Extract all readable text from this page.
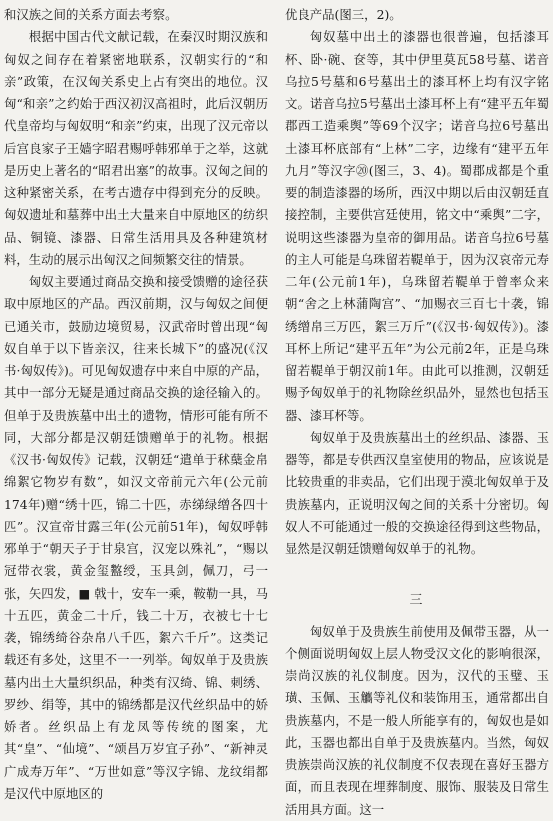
和汉族之间的关系方面去考察。

根据中国古代文献记载，在秦汉时期汉族和匈奴之间存在着紧密地联系，汉朝实行的“和亲”政策，在汉匈关系史上占有突出的地位。汉匈“和亲”之约始于西汉初汉高祖时，此后汉朝历代皇帝均与匈奴明“和亲”约束，出现了汉元帝以后宫良家子王嫱字昭君赐呼韩邪单于之举，这就是历史上著名的“昭君出塞”的故事。汉匈之间的这种紧密关系，在考古遗存中得到充分的反映。匈奴遗址和墓葬中出土大量来自中原地区的纺织品、铜镜、漆器、日常生活用具及各种建筑材料，生动的展示出匈汉之间频繁交往的情景。

匈奴主要通过商品交换和接受馈赠的途径获取中原地区的产品。西汉前期，汉与匈奴之间便已通关市，鼓励边境贸易，汉武帝时曾出现“匈奴自单于以下皆亲汉，往来长城下”的盛况(《汉书·匈奴传》)。可见匈奴遗存中来自中原的产品，其中一部分无疑是通过商品交换的途径输入的。但单于及贵族墓中出土的遗物，情形可能有所不同，大部分都是汉朝廷馈赠单于的礼物。根据《汉书·匈奴传》记载，汉朝廷“遣单于秫蘖金帛绵絮它物岁有数”，如汉文帝前元六年(公元前174年)赠“绣十匹，锦二十匹，赤绨绿缯各四十匹”。汉宣帝甘露三年(公元前51年)，匈奴呼韩邪单于“朝天子于甘泉宫，汉宠以殊礼”，“赐以冠带衣裳，黄金玺盭绶，玉具剑，佩刀，弓一张，矢四发，■ 戟十，安车一乘，鞍勒一具，马十五匹，黄金二十斤，钱二十万，衣被七十七袭，锦绣绮谷杂帛八千匹，絮六千斤”。这类记载还有多处，这里不一一列举。匈奴单于及贵族墓内出土大量织织品，种类有汉绮、锦、刺绣、罗纱、绢等，其中的锦绣都是汉代丝织品中的娇娇者。丝织品上有龙凤等传统的图案，尤其“皇”、“仙境”、“颂昌万岁宜子孙”、“新神灵广成寿万年”、“万世如意”等汉字锦、龙纹绢都是汉代中原地区的

优良产品(图三，2)。

匈奴墓中出土的漆器也很普遍，包括漆耳杯、卧·碗、奁等，其中伊里莫瓦58号墓、诺音乌拉5号墓和6号墓出土的漆耳杯上均有汉字铭文。诺音乌拉5号墓出土漆耳杯上有“建平五年蜀郡西工造乘舆”等69个汉字；诺音乌拉6号墓出土漆耳杯底部有“上林”二字，边缘有“建平五年九月”等汉字⑳(图三，3、4)。蜀郡成都是个重要的制造漆器的场所，西汉中期以后由汉朝廷直接控制，主要供宫廷使用，铭文中“乘舆”二字，说明这些漆器为皇帝的御用品。诺音乌拉6号墓的主人可能是乌珠留若鞮单于，因为汉哀帝元寿二年(公元前1年)，乌珠留若鞮单于曾率众来朝“舍之上林蒲陶宫”、“加赐衣三百七十袭，锦绣缯帛三万匹，絮三万斤”(《汉书·匈奴传》)。漆耳杯上所记“建平五年”为公元前2年，正是乌珠留若鞮单于朝汉前1年。由此可以推测，汉朝廷赐予匈奴单于的礼物除丝织品外，显然也包括玉器、漆耳杯等。

匈奴单于及贵族墓出土的丝织品、漆器、玉器等，都是专供西汉皇室使用的物品，应该说是比较贵重的非卖品，它们出现于漠北匈奴单于及贵族墓内，正说明汉匈之间的关系十分密切。匈奴人不可能通过一般的交换途径得到这些物品，显然是汉朝廷馈赠匈奴单于的礼物。

三

匈奴单于及贵族生前使用及佩带玉器，从一个侧面说明匈奴上层人物受汉文化的影响很深，崇尚汉族的礼仪制度。因为，汉代的玉璧、玉璜、玉佩、玉觿等礼仪和装饰用玉，通常都出自贵族墓内，不是一般人所能享有的，匈奴也是如此，玉器也都出自单于及贵族墓内。当然，匈奴贵族崇尚汉族的礼仪制度不仅表现在喜好玉器方面，而且表现在埋葬制度、服饰、服装及日常生活用具方面。这一
